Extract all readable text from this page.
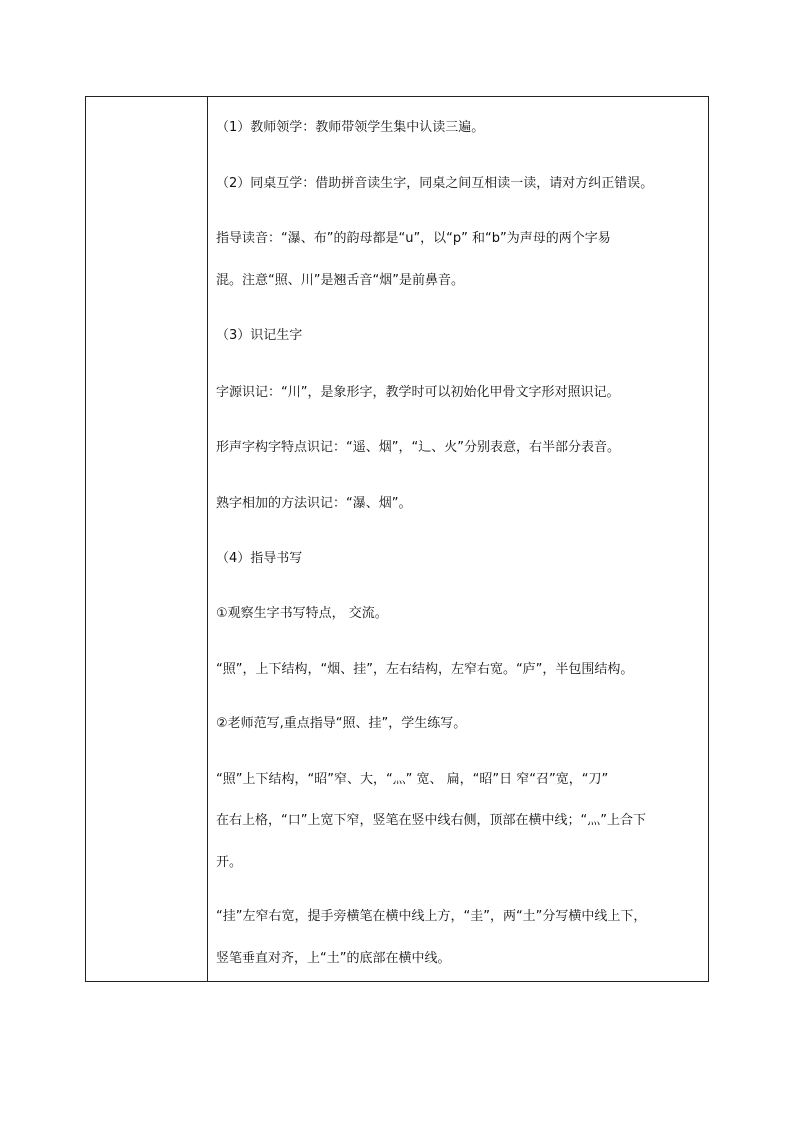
（1）教师领学：教师带领学生集中认读三遍。
（2）同桌互学：借助拼音读生字，同桌之间互相读一读，请对方纠正错误。
指导读音：“瀑、布”的韵母都是“u”，以“p” 和“b”为声母的两个字易
混。注意“照、川”是翘舌音“烟”是前鼻音。
（3）识记生字
字源识记：“川”，是象形字，教学时可以初始化甲骨文字形对照识记。
形声字构字特点识记：“遥、烟”，“辶、火”分别表意，右半部分表音。
熟字相加的方法识记：“瀑、烟”。
（4）指导书写
①观察生字书写特点， 交流。
“照”，上下结构，“烟、挂”，左右结构，左窄右宽。“庐”，半包围结构。
②老师范写,重点指导“照、挂”，学生练写。
“照”上下结构，“昭”窄、大，“灬” 宽、 扁，“昭”日 窄“召”宽，“刀”
在右上格，“口”上宽下窄，竖笔在竖中线右侧，顶部在横中线；“灬”上合下
开。
“挂”左窄右宽，提手旁横笔在横中线上方，“圭”，两“土”分写横中线上下，
竖笔垂直对齐，上“土”的底部在横中线。
